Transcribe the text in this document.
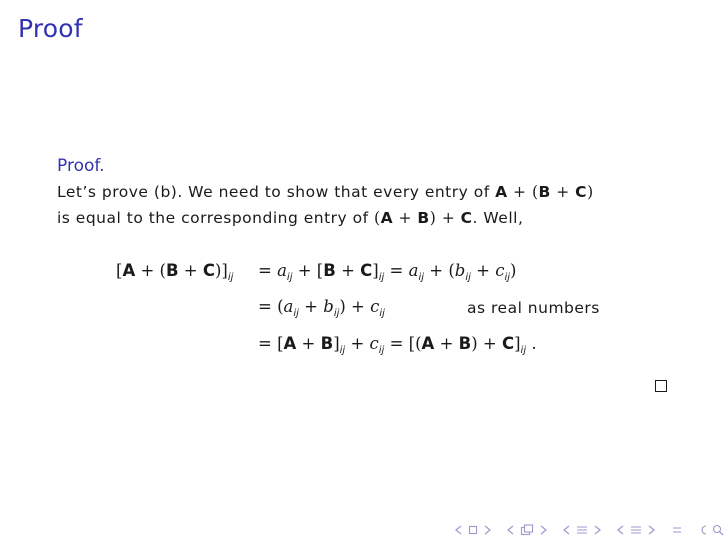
Proof

Proof.

Let’s prove (b). We need to show that every entry of A + (B + C)

is equal to the corresponding entry of (A + B) + C. Well,

$[A + (B + C)]_{ij} = a_{ij} + [B + C]_{ij} = a_{ij} + (b_{ij} + c_{ij})$
= $(a_{ij} + b_{ij}) + c_{ij}$	as real numbers
= $[A + B]_{ij} + c_{ij} = [(A + B) + C]_{ij}$ .
